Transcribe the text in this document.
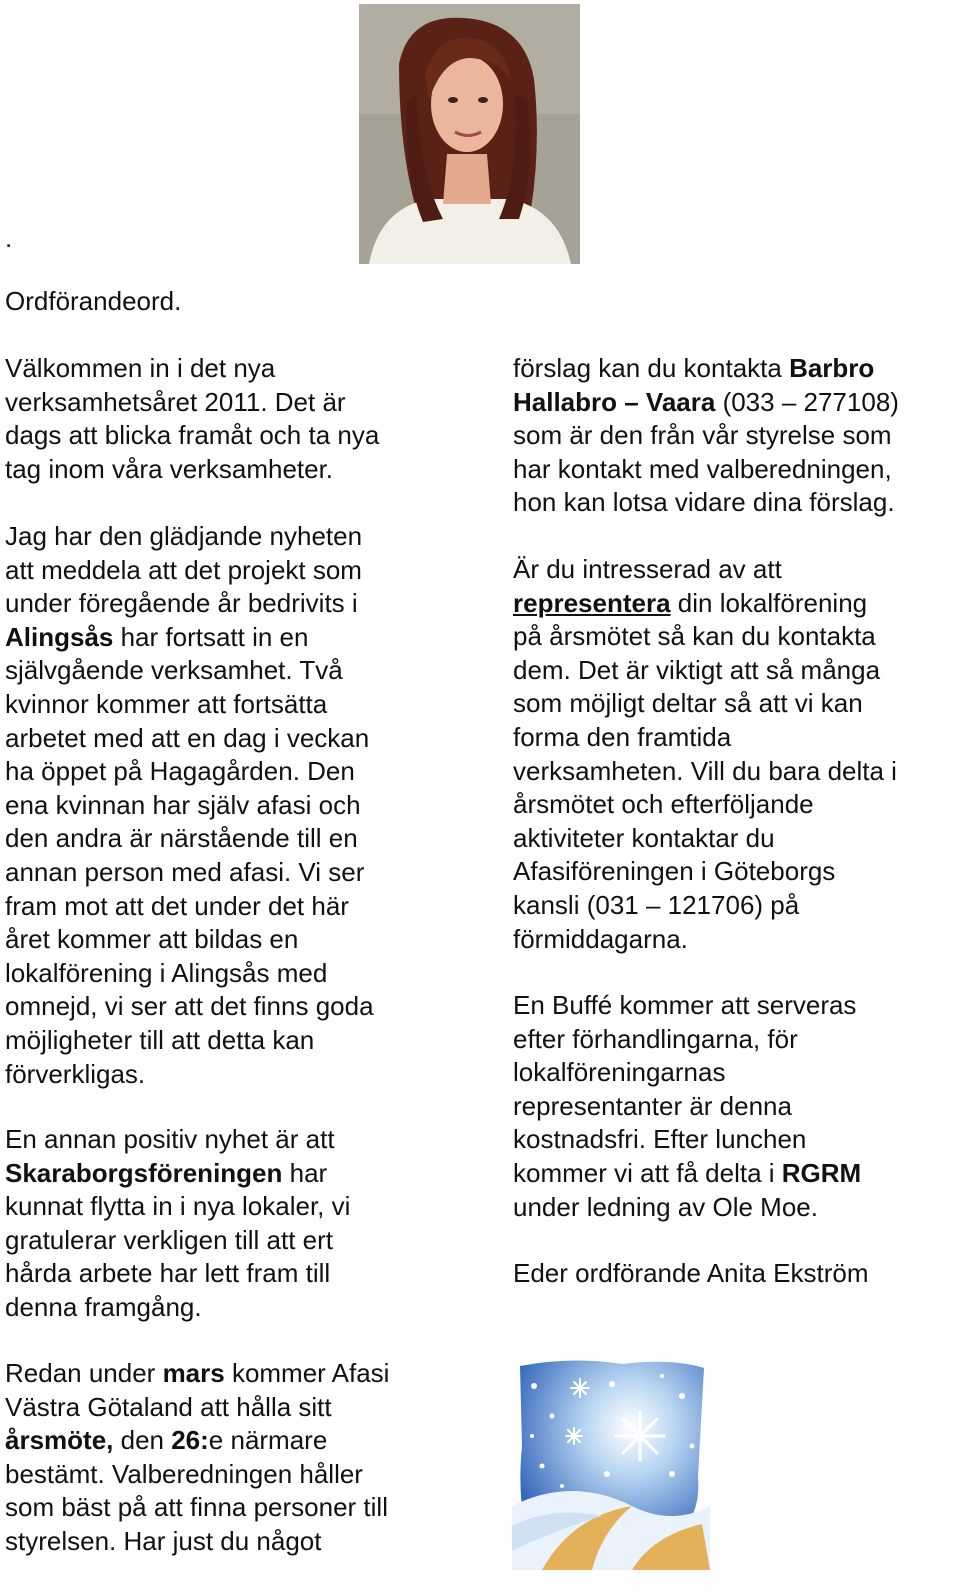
.
Ordförandeord.

Välkommen in i det nya

verksamhetsåret 2011. Det är

dags att blicka framåt och ta nya

tag inom våra verksamheter.

Jag har den glädjande nyheten

att meddela att det projekt som

under föregående år bedrivits i

Alingsås har fortsatt in en

självgående verksamhet. Två

kvinnor kommer att fortsätta

arbetet med att en dag i veckan

ha öppet på Hagagården. Den

ena kvinnan har själv afasi och

den andra är närstående till en

annan person med afasi. Vi ser

fram mot att det under det här

året kommer att bildas en

lokalförening i Alingsås med

omnejd, vi ser att det finns goda

möjligheter till att detta kan

förverkligas.

En annan positiv nyhet är att

Skaraborgsföreningen har

kunnat flytta in i nya lokaler, vi

gratulerar verkligen till att ert

hårda arbete har lett fram till

denna framgång.

Redan under mars kommer Afasi

Västra Götaland att hålla sitt

årsmöte, den 26:e närmare

bestämt. Valberedningen håller

som bäst på att finna personer till

styrelsen. Har just du något

förslag kan du kontakta Barbro

Hallabro – Vaara (033 – 277108)

som är den från vår styrelse som

har kontakt med valberedningen,

hon kan lotsa vidare dina förslag.

Är du intresserad av att

representera din lokalförening

på årsmötet så kan du kontakta

dem. Det är viktigt att så många

som möjligt deltar så att vi kan

forma den framtida

verksamheten. Vill du bara delta i

årsmötet och efterföljande

aktiviteter kontaktar du

Afasiföreningen i Göteborgs

kansli (031 – 121706) på

förmiddagarna.

En Buffé kommer att serveras

efter förhandlingarna, för

lokalföreningarnas

representanter är denna

kostnadsfri. Efter lunchen

kommer vi att få delta i RGRM

under ledning av Ole Moe.

Eder ordförande Anita Ekström
